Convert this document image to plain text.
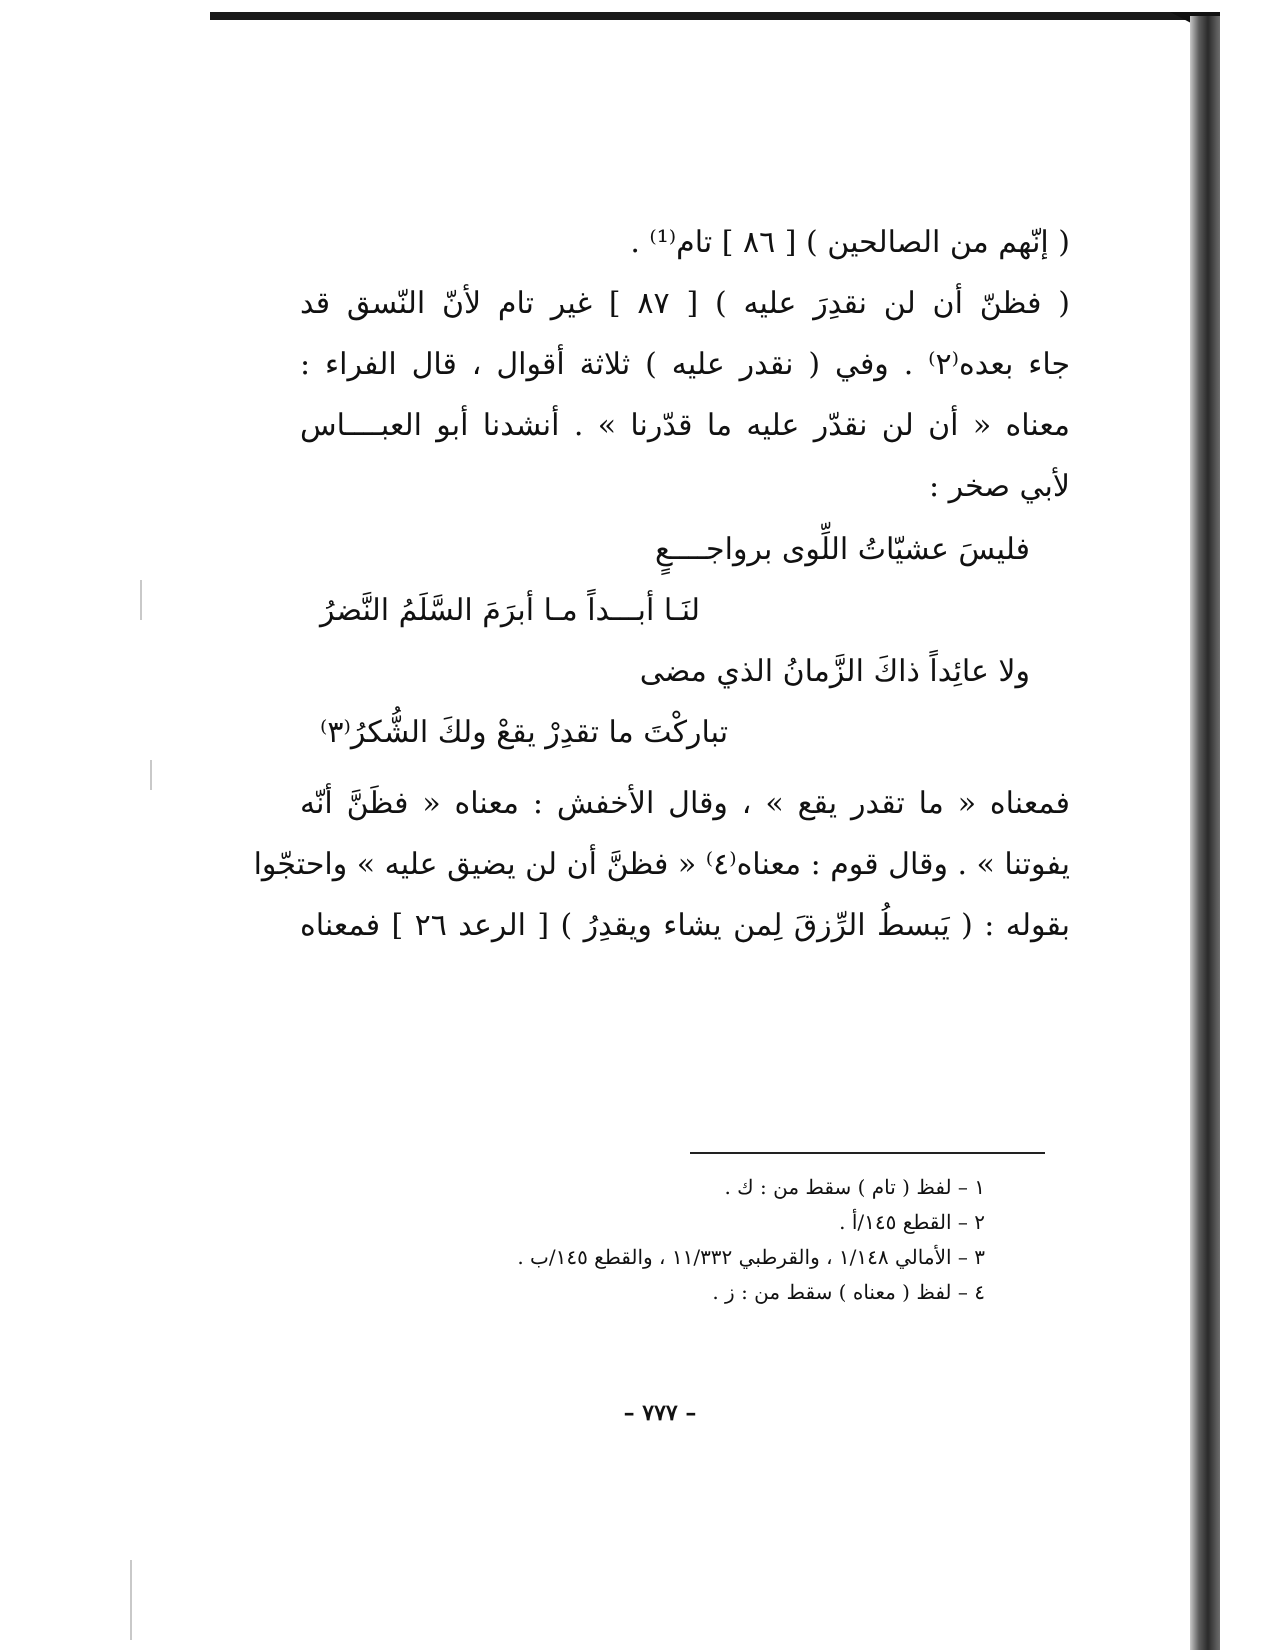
( إنّهم من الصالحين ) [ ٨٦ ] تام⁽¹⁾ .

( فظنّ أن لن نقدِرَ عليه ) [ ٨٧ ] غير تام لأنّ النّسق قد

جاء بعده⁽٢⁾ . وفي ( نقدر عليه ) ثلاثة أقوال ، قال الفراء :

معناه « أن لن نقدّر عليه ما قدّرنا » . أنشدنا أبو العبــــاس

لأبي صخر :

فليسَ عشيّاتُ اللِّوى برواجــــعٍ

لنَـا أبـــداً مـا أبرَمَ السَّلَمُ النَّضرُ

ولا عائِداً ذاكَ الزَّمانُ الذي مضى

تباركْتَ ما تقدِرْ يقعْ ولكَ الشُّكرُ⁽٣⁾

فمعناه « ما تقدر يقع » ، وقال الأخفش : معناه « فظَنَّ أنّه

يفوتنا » . وقال قوم : معناه⁽٤⁾ « فظنَّ أن لن يضيق عليه » واحتجّوا

بقوله : ( يَبسطُ الرِّزقَ لِمن يشاء ويقدِرُ ) [ الرعد ٢٦ ] فمعناه

١ – لفظ ( تام ) سقط من : ك .

٢ – القطع ١٤٥/أ .

٣ – الأمالي ١/١٤٨ ، والقرطبي ١١/٣٣٢ ، والقطع ١٤٥/ب .

٤ – لفظ ( معناه ) سقط من : ز .

– ٧٧٧ –
